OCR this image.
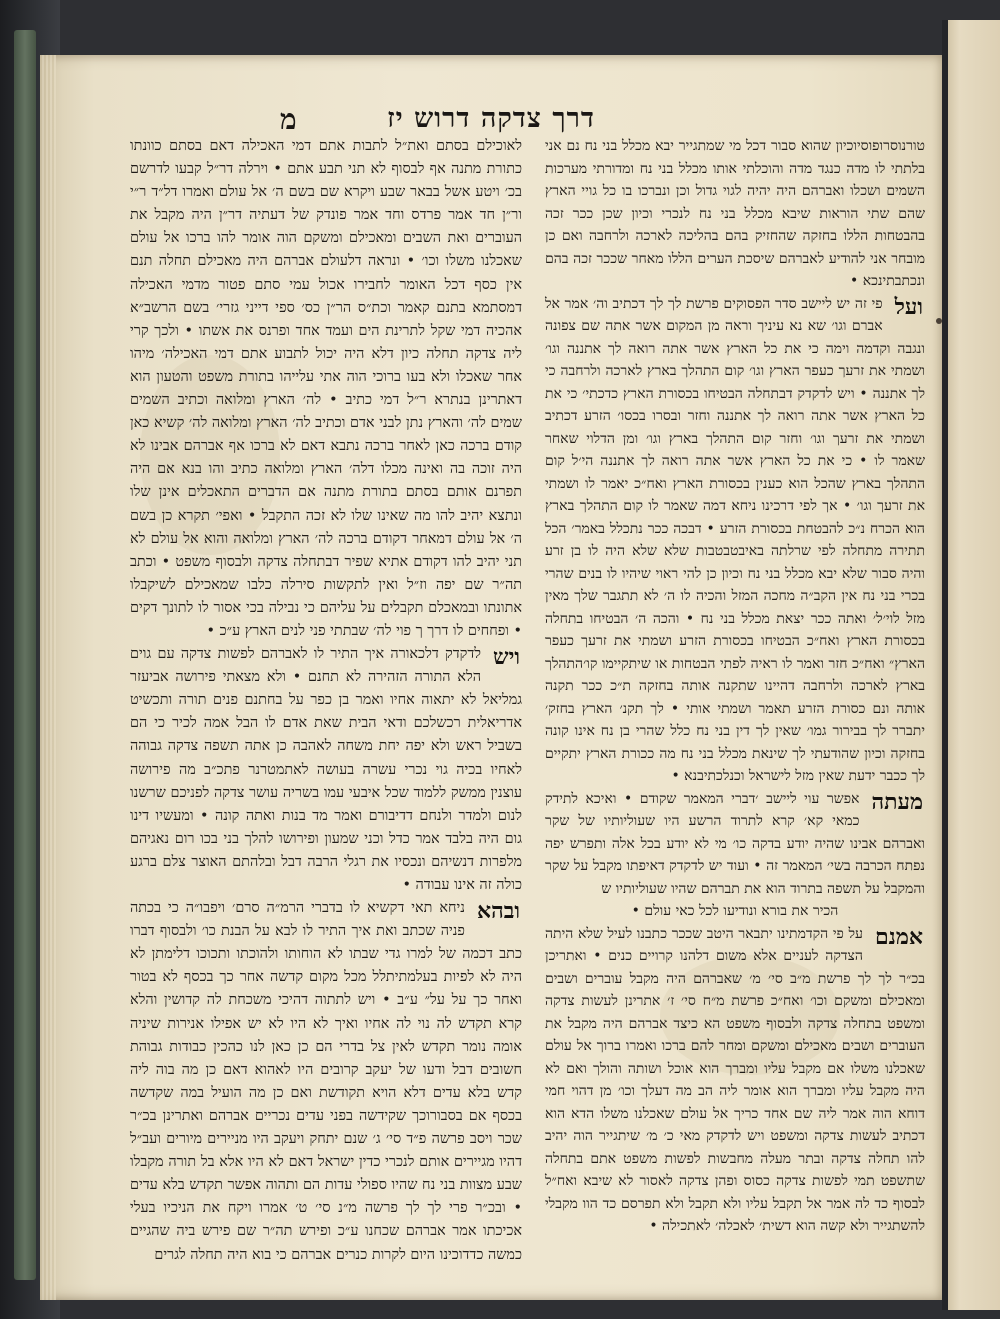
דרך צדקה דרוש יז
מ

טורנוסרופוסיוכיון שהוא סבור דכל מי שמתגייר יבא מכלל בני נח נם אני בלתתי לו מדה כנגד מדה והוכלתי אותו מכלל בני נח ומדורתי מערכות השמים ושכלו ואברהם היה יהיה לגוי גדול וכן ונברכו בו כל גויי הארץ שהם שתי הוראות שיבא מכלל בני נח לנכרי וכיון שכן ככר זכה בהבטחות הללו בחזקה שהחזיק בהם בהליכה לארכה ולרחבה ואם כן מובחר אני להודיע לאברהם שיסכת הערים הללו מאחר שככר זכה בהם ונכתבתינכא •

ועל
פי זה יש ליישב סדר הפסוקים פרשת לך לך דכתיב וה׳ אמר אל אברם וגו׳ שא נא עיניך וראה מן המקום אשר אתה שם צפונה ונגבה וקדמה וימה כי את כל הארץ אשר אתה רואה לך אתננה וגו׳ ושמתי את זרעך כעפר הארץ וגו׳ קום התהלך בארץ לארכה ולרחבה כי לך אתננה • ויש לדקדק דבתחלה הבטיחו בכסורת הארץ כדכתי׳ כי את כל הארץ אשר אתה רואה לך אתננה וחזר ובסרו בכסו׳ הזרע דכתיב ושמתי את זרעך וגו׳ וחזר קום התהלך בארץ וגו׳ ומן הדלוי שאחר שאמר לו • כי את כל הארץ אשר אתה רואה לך אתננה הי׳ל קום התהלך בארץ שהכל הוא כענין בכסורת הארץ ואח״כ יאמר לו ושמתי את זרעך וגו׳ • אך לפי דרכינו ניחא דמה שאמר לו קום התהלך בארץ הוא הכרח נ״כ להבטחת בכסורת הזרע • דבכה ככר נתכלל באמר׳ הכל תתירה מתחלה לפי שרלתה באיבטבטבות שלא שלא היה לו בן זרע והיה סבור שלא יבא מכלל בני נח וכיון כן להי ראוי שיהיו לו בנים שהרי בכרי בני נח אין הקב״ה מחכה המזל והכיה לו ה׳ לא תתגבר שלך מאין מזל לוי׳ל׳ ואתה ככר יצאת מכלל בני נח • והכה ה׳ הבטיחו בתחלה בכסורת הארץ ואח״כ הבטיחו בכסורת הזרע ושמתי את זרעך כעפר הארץ״ ואח״כ חזר ואמר לו ראיה לפתי הבטחות או שיתקיימו קו׳התהלך בארץ לארכה ולרחבה דהיינו שתקנה אותה בחזקה ת״כ ככר תקנה אותה ונם כסורת הזרע תאמר ושמתי אותי • לך תקנ׳ הארץ בחזק׳ יתברר לך בבירור גמו׳ שאין לך דין בני נח כלל שהרי בן נח אינו קונה בחזקה וכיון שהודעתי לך שינאת מכלל בני נח מה ככורת הארץ יתקיים לך ככבר ידעת שאין מזל לישראל וכנלכתיבנא •

מעתה
אפשר עוי ליישב ׳דברי המאמר שקודם • ואיכא לתידק כמאי קא׳ קרא לתרוד הרשע היו שעוליותיו של שקר ואברהם אבינו שהיה יודע בדקה כו׳ מי לא יודע בכל אלה ותפרש יפה נפתח הכרבה בשי׳ המאמר זה • ועוד יש לדקדק דאיפתו מקבל על שקר והמקבל על תשפה בתרוד הוא את תברהם שהיו שעוליותיו ש

הכיר את בורא ונודיעו לכל כאי עולם •

אמנם
על פי הקדמתינו יתבאר היטב שככר כתבנו לעיל שלא היתה הצדקה לעניים אלא משום דלהנו קרויים כנים • ואתריכן בכ״ר לך לך פרשת מ״ב סי׳ מ׳ שאברהם היה מקבל עוברים ושבים ומאכילם ומשקם וכו׳ ואח״כ פרשת מ״ח סי׳ ז׳ אתרינן לעשות צדקה ומשפט בתחלה צדקה ולבסוף משפט הא כיצד אברהם היה מקבל את העוברים ושבים מאכילם ומשקם ומחר להם ברכו ואמרו ברוך אל עולם שאכלנו משלו אם מקבל עליו ומברך הוא אוכל ושותה והולך ואם לא היה מקבל עליו ומברך הוא אומר ליה הב מה דעלך וכו׳ מן דהוי חמי דוחא הוה אמר ליה שם אחד כריך אל עולם שאכלנו משלו הדא הוא דכתיב לעשות צדקה ומשפט ויש לדקדק מאי כ׳ מ׳ שיתגייר הוה יהיב להו תחלה צדקה ובתר מעלה מחבשות לפשות משפט אתם בתחלה שתשפט תמי לפשות צדקה כסוס ופהן צדקה לאסור לא שיבא ואח״ל לבסוף כד לה אמר אל תקבל עליו ולא תקבל ולא תפרסם כד הוו מקבלי להשתגייר ולא קשה הוא דשית׳ לאכלה׳ לאתכילה •

לאוכילם בסתם ואת״ל לתבות אתם דמי האכילה דאם בסתם כוונתו כתורת מתנה אף לבסוף לא תני תבע אתם • וירלה דר״ל קבעו לדרשם בכ׳ ויטע אשל בבאר שבע ויקרא שם בשם ה׳ אל עולם ואמרו דל״ד ר״י ור״ן חד אמר פרדס וחד אמר פונדק של דעתיה דר״ן היה מקבל את העוברים ואת השבים ומאכילם ומשקם הוה אומר להו ברכו אל עולם שאכלנו משלו וכו׳ • ונראה דלעולם אברהם היה מאכילם תחלה תנם אין כסף דכל האומר לחבירו אכול עמי סתם פטור מדמי האכילה דמסתמא בתנם קאמר וכת״ס הר״ן כס׳ ספי דייני גזרי׳ בשם הרשב״א אהכיה דמי שקל לתרינת הים ועמד אחד ופרנס את אשתו • ולכך קרי ליה צדקה תחלה כיון דלא היה יכול לתבוע אתם דמי האכילה׳ מיהו אחר שאכלו ולא בעו ברוכי הוה אתי עלייהו בתורת משפט והטעון הוא דאתרינן בנתרא ר״ל דמי כתיב • לה׳ הארץ ומלואה וכתיב השמים שמים לה׳ והארץ נתן לבני אדם וכתיב לה׳ הארץ ומלואה לה׳ קשיא כאן קודם ברכה כאן לאחר ברכה נתבא דאם לא ברכו אף אברהם אבינו לא היה זוכה בה ואינה מכלו דלה׳ הארץ ומלואה כתיב והו בנא אם היה תפרנם אותם בסתם בתורת מתנה אם הדברים התאכלים אינן שלו ונתצא יהיב להו מה שאינו שלו לא זכה התקבל • ואפי׳ תקרא כן בשם ה׳ אל עולם דמאחר דקודם ברכה לה׳ הארץ ומלואה והוא אל עולם לא תני יהיב להו דקודם אתיא שפיר דבתחלה צדקה ולבסוף משפט • וכתב תה״ר שם יפה וז״ל ואין לתקשות סירלה כלבו שמאכילם לשיקבלו אתונתו ובמאכלם תקבלים על עליהם כי נבילה בכי אסור לו לתונך דקים • ופחחים לו דרך ך פוי לה׳ שבתתי פני לנים הארץ ע״כ •

ויש
לדקדק דלכאורה איך התיר לו לאברהם לפשות צדקה עם גוים הלא התורה הזהירה לא תחנם • ולא מצאתי פירושה אביעזר גמליאל לא יתאוה אחיו ואמר בן כפר על בחתנם פנים תורה ותכשיט אדריאלית רכשלכם ודאי הבית שאת אדם לו הבל אמה לכיר כי הם בשביל ראש ולא יפה יחת משחה לאהבה כן אתה תשפה צדקה גבוהה לאחיו בכיה גוי נכרי עשרה בעושה לאתמטרנר פתכ״ב מה פירושה עוצנין ממשק ללמוד שכל איבעי עמו בשריה עושר צדקה לפניכם שרשנו לנום ולמדר ולנחם דדיבורם ואמר מד בנות ואתה קונה • ומעשיו דינו גום היה בלבד אמר כדל וכני שמעון ופירושו להלך בני בכו רום נאגיהם מלפרות דנשיהם ונכסיו את רגלי הרבה דבל ובלהתם האוצר צלם ברגע כולה זה אינו עבודה •

ובהא
ניחא תאי דקשיא לו בדברי הרמ״ה סרם׳ ויפבו״ה כי בכתה פניה שכתב ואת איך התיר לו לבא על הבנת כו׳ ולבסוף דברו כתב דכמה של למרו גדי שבתו לא הוחותו ולהוכתו ותכוכו דלימתן לא היה לא לפיות בעלמתיתלל מכל מקום קדשה אחר כך בכסף לא בטור ואחר כך על על״ ע״ב • ויש לתתוה דהיכי משכחת לה קדושין והלא קרא תקדש לה נוי לה אחיו ואיך לא היו לא יש אפילו אנירות שיניה אומה נומר תקדש לאין צל בדרי הם כן כאן לנו כהכין כבודות גבוהת חשובים דבל ודעו של יעקב קרובים היו לאהוא דאם כן מה בוה ליה קדש בלא עדים דלא הויא תקודשת ואם כן מה הועיל במה שקדשה בכסף אם בסבורוכך שקידשה בפני עדים נכריים אברהם ואתרינן בכ״ר שכר ויסב פרשה פ״ד סי׳ ג׳ שנם יתחק ויעקב היו מניירים מיורים ועב״ל דהיו מגיירים אותם לנכרי כדין ישראל דאם לא היו אלא בל תורה מקבלו שבע מצוות בני נח שהיו ספולי עדות הם ותהוה אפשר תקדש בלא עדים • ובכ״ר פרי לך לך פרשה מ״נ סי׳ ט׳ אמרו ויקח את הניכיו בעלי אכיכתו אמר אברהם שכחנו ע״כ ופירש תה״ר שם פירש ביה שהגיים כמשה כדדוכינו היום לקרות כנרים אברהם כי בוא היה תחלה לגרים
